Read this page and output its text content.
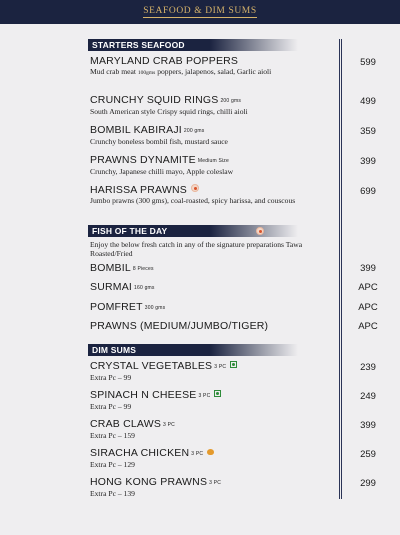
SEAFOOD & DIM SUMS
STARTERS SEAFOOD
MARYLAND CRAB POPPERS
Mud crab meat 100gms poppers, jalapenos, salad, Garlic aioli
599
CRUNCHY SQUID RINGS 200 gms
South American style Crispy squid rings, chilli aioli
499
BOMBIL KABIRAJI 200 gms
Crunchy boneless bombil fish, mustard sauce
359
PRAWNS DYNAMITE Medium Size
Crunchy, Japanese chilli mayo, Apple coleslaw
399
HARISSA PRAWNS
Jumbo prawns (300 gms), coal-roasted, spicy harissa, and couscous
699
FISH OF THE DAY
Enjoy the below fresh catch in any of the signature preparations Tawa Roasted/Fried
BOMBIL 8 Pieces	399
SURMAI 160 gms	APC
POMFRET 300 gms	APC
PRAWNS (MEDIUM/JUMBO/TIGER)	APC
DIM SUMS
CRYSTAL VEGETABLES 3 PC
Extra Pc – 99
239
SPINACH N CHEESE 3 PC
Extra Pc – 99
249
CRAB CLAWS 3 PC
Extra Pc – 159
399
SIRACHA CHICKEN 3 PC
Extra Pc – 129
259
HONG KONG PRAWNS 3 PC
Extra Pc – 139
299
